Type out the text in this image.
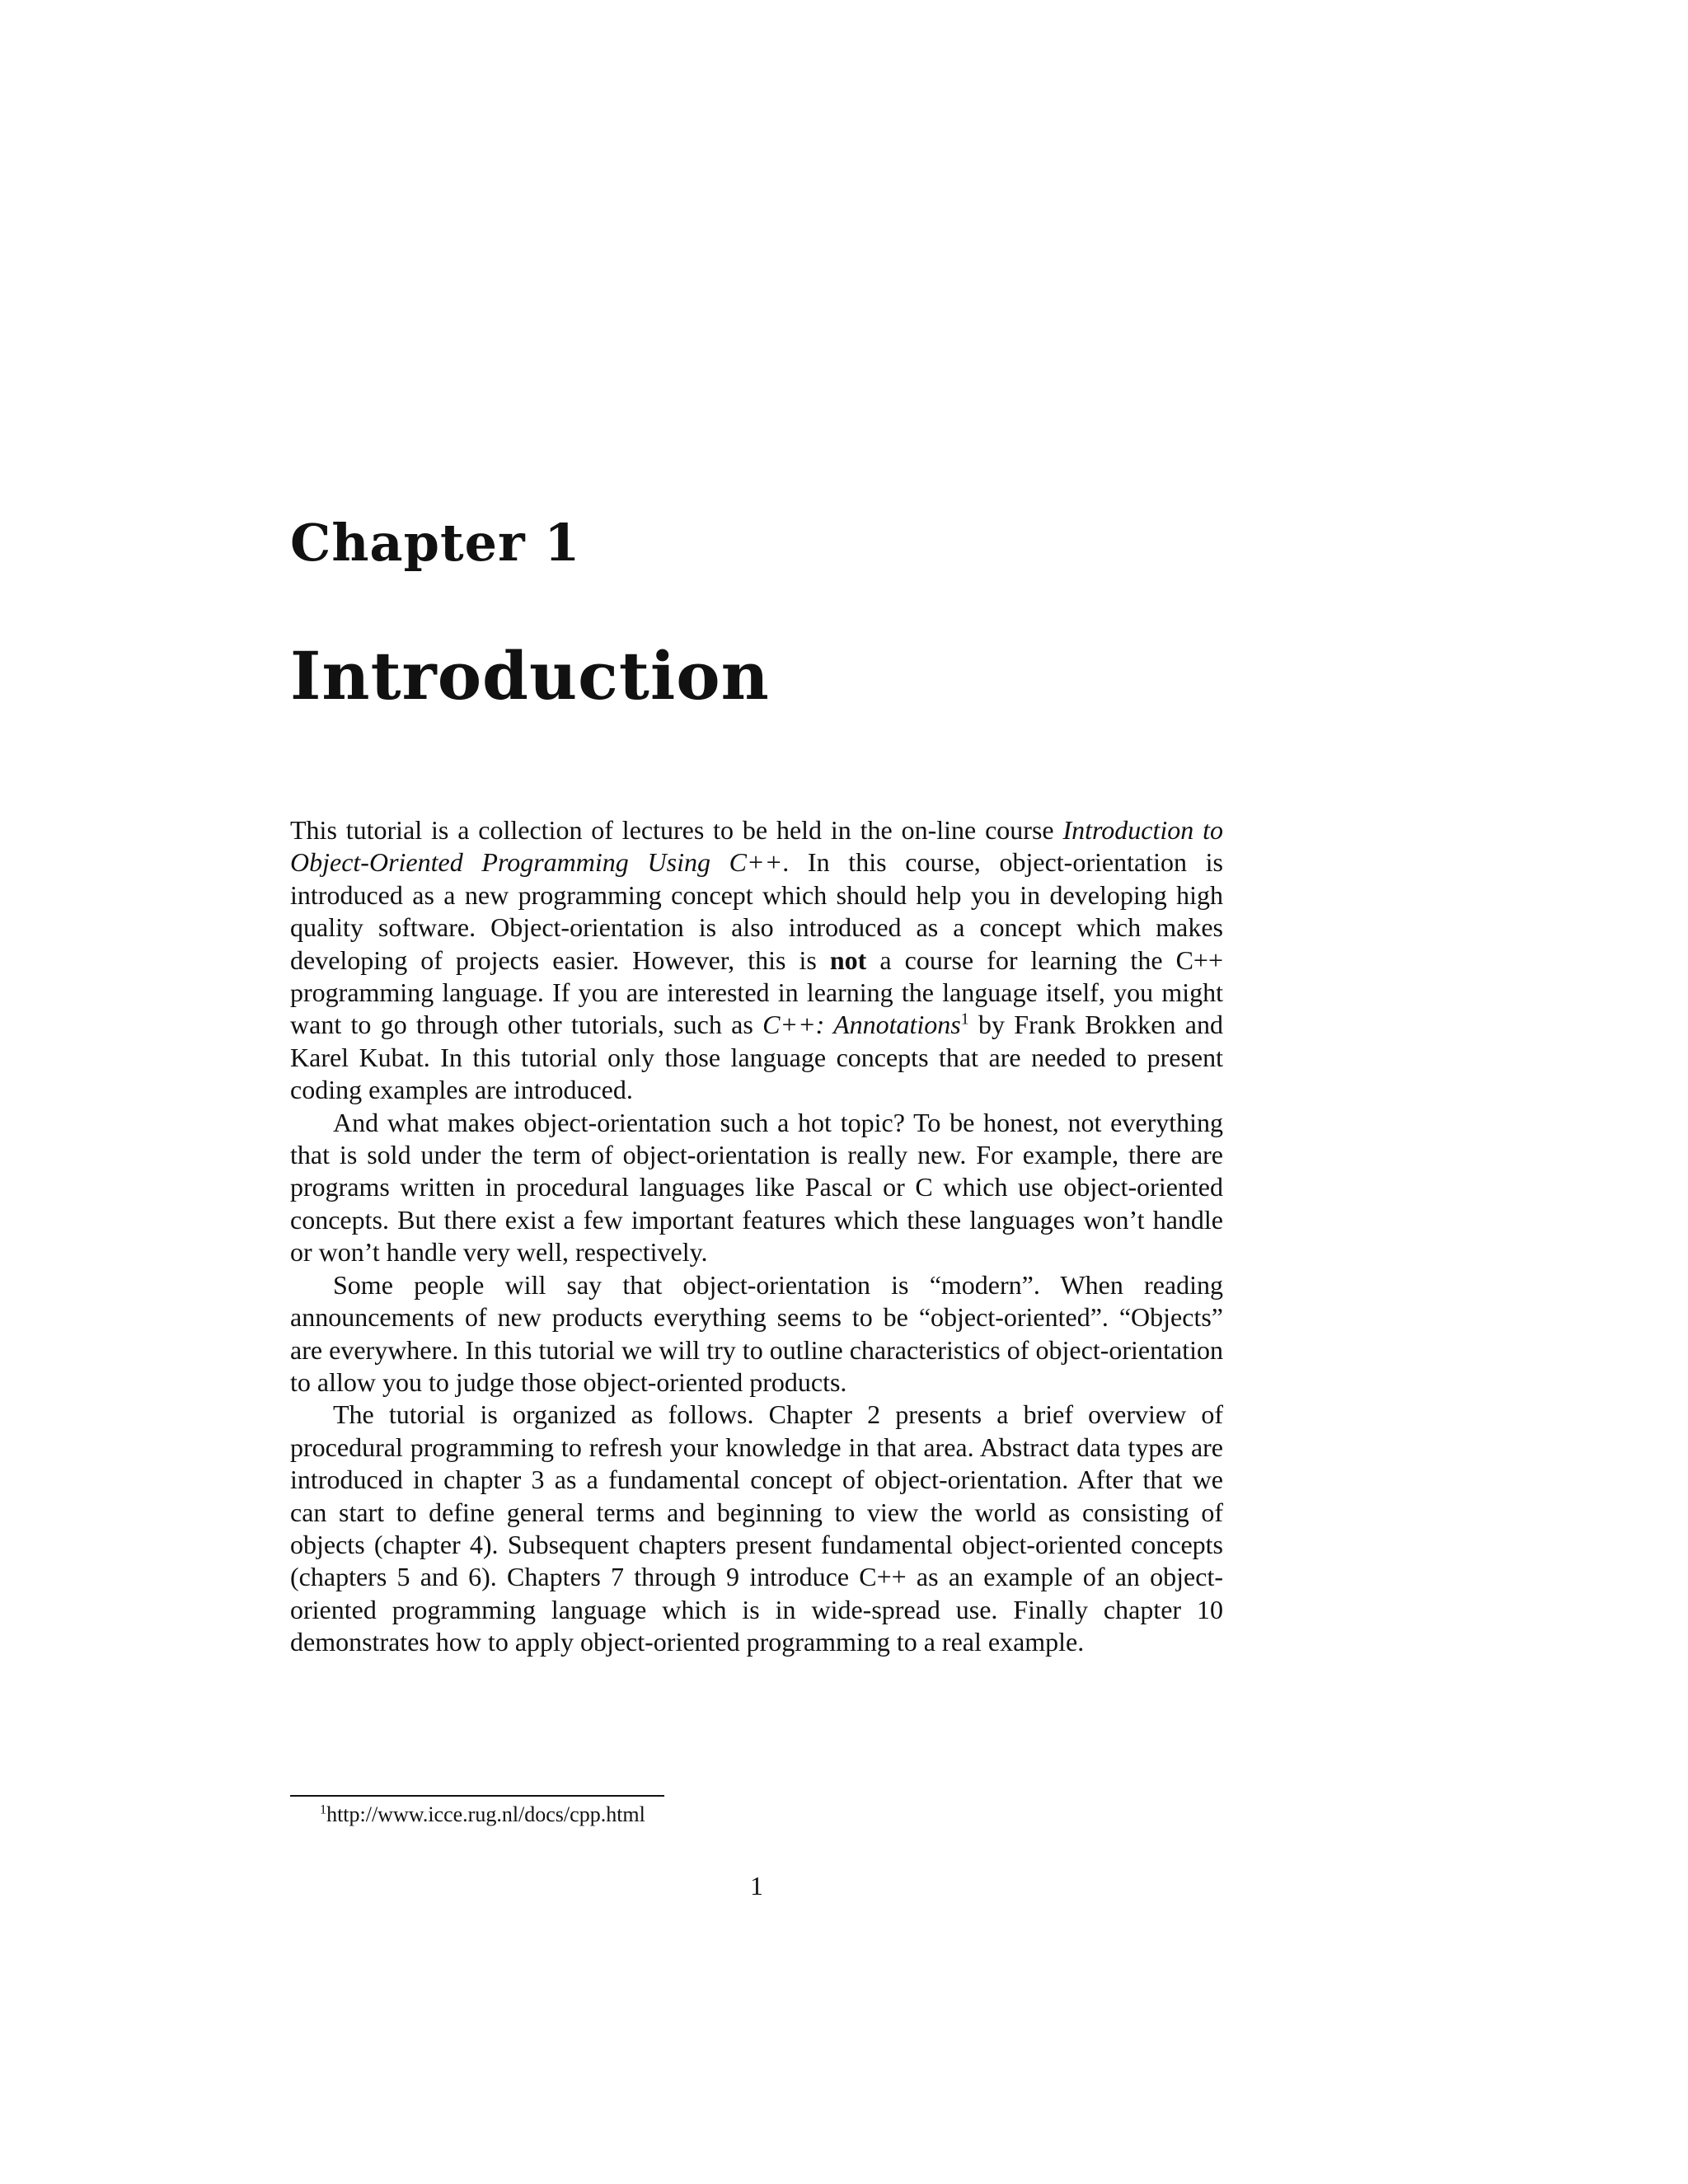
Chapter 1
Introduction

This tutorial is a collection of lectures to be held in the on-line course Introduction to Object-Oriented Programming Using C++. In this course, object-orientation is introduced as a new programming concept which should help you in developing high quality software. Object-orientation is also introduced as a concept which makes developing of projects easier. However, this is not a course for learning the C++ programming language. If you are interested in learning the language itself, you might want to go through other tutorials, such as C++: Annotations$^1$ by Frank Brokken and Karel Kubat. In this tutorial only those language concepts that are needed to present coding examples are introduced.

And what makes object-orientation such a hot topic? To be honest, not everything that is sold under the term of object-orientation is really new. For example, there are programs written in procedural languages like Pascal or C which use object-oriented concepts. But there exist a few important features which these languages won’t handle or won’t handle very well, respectively.

Some people will say that object-orientation is “modern”. When reading announcements of new products everything seems to be “object-oriented”. “Objects” are everywhere. In this tutorial we will try to outline characteristics of object-orientation to allow you to judge those object-oriented products.

The tutorial is organized as follows. Chapter 2 presents a brief overview of procedural programming to refresh your knowledge in that area. Abstract data types are introduced in chapter 3 as a fundamental concept of object-orientation. After that we can start to define general terms and beginning to view the world as consisting of objects (chapter 4). Subsequent chapters present fundamental object-oriented concepts (chapters 5 and 6). Chapters 7 through 9 introduce C++ as an example of an object-oriented programming language which is in wide-spread use. Finally chapter 10 demonstrates how to apply object-oriented programming to a real example.

$^1$http://www.icce.rug.nl/docs/cpp.html
1
